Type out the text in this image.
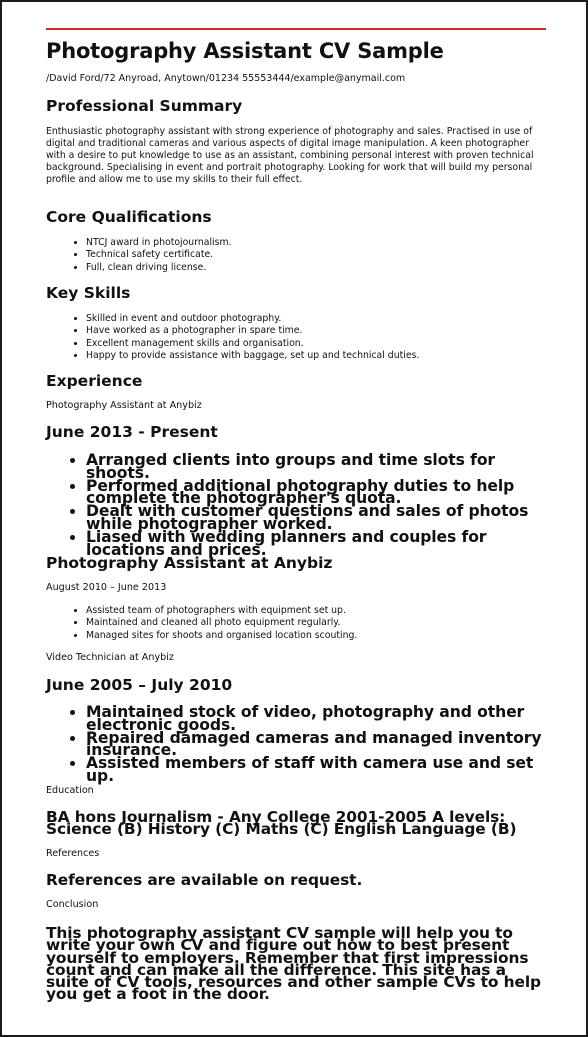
Photography Assistant CV Sample
/David Ford/72 Anyroad, Anytown/01234 55553444/example@anymail.com
Professional Summary

Enthusiastic photography assistant with strong experience of photography and sales. Practised in use of digital and traditional cameras and various aspects of digital image manipulation. A keen photographer with a desire to put knowledge to use as an assistant, combining personal interest with proven technical background. Specialising in event and portrait photography. Looking for work that will build my personal profile and allow me to use my skills to their full effect.

Core Qualifications
• NTCJ award in photojournalism.
• Technical safety certificate.
• Full, clean driving license.
Key Skills
• Skilled in event and outdoor photography.
• Have worked as a photographer in spare time.
• Excellent management skills and organisation.
• Happy to provide assistance with baggage, set up and technical duties.
Experience
Photography Assistant at Anybiz
June 2013 - Present
• Arranged clients into groups and time slots for shoots.
• Performed additional photography duties to help complete the photographer's quota.
• Dealt with customer questions and sales of photos while photographer worked.
• Liased with wedding planners and couples for locations and prices.
Photography Assistant at Anybiz
August 2010 – June 2013
• Assisted team of photographers with equipment set up.
• Maintained and cleaned all photo equipment regularly.
• Managed sites for shoots and organised location scouting.
Video Technician at Anybiz
June 2005 – July 2010
• Maintained stock of video, photography and other electronic goods.
• Repaired damaged cameras and managed inventory insurance.
• Assisted members of staff with camera use and set up.
Education

BA hons Journalism - Any College 2001-2005 A levels: Science (B) History (C) Maths (C) English Language (B)

References

References are available on request.

Conclusion

This photography assistant CV sample will help you to write your own CV and figure out how to best present yourself to employers. Remember that first impressions count and can make all the difference. This site has a suite of CV tools, resources and other sample CVs to help you get a foot in the door.
